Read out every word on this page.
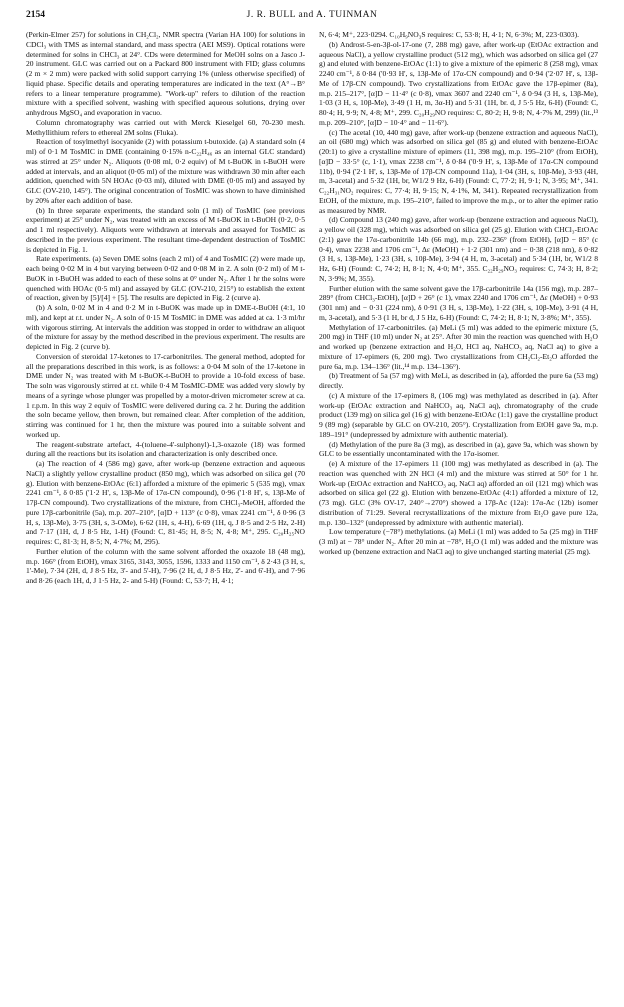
2154	J. R. BULL and A. TUINMAN

(Perkin-Elmer 257) for solutions in CH₂Cl₂, NMR spectra (Varian HA 100) for solutions in CDCl₃ with TMS as internal standard, and mass spectra (AEI MS9). Optical rotations were determined for solns in CHCl₃ at 24°. CDs were determined for MeOH solns on a Jasco J-20 instrument. GLC was carried out on a Packard 800 instrument with FID; glass columns (2 m × 2 mm) were packed with solid support carrying 1% (unless otherwise specified) of liquid phase. Specific details and operating temperatures are indicated in the text (A°→B° refers to a linear temperature programme). "Work-up" refers to dilution of the reaction mixture with a specified solvent, washing with specified aqueous solutions, drying over anhydrous MgSO₄ and evaporation in vacuo.

Column chromatography was carried out with Merck Kieselgel 60, 70-230 mesh. Methyllithium refers to ethereal 2M solns (Fluka).

Reaction of tosylmethyl isocyanide (2) with potassium t-butoxide. (a) A standard soln (4 ml) of 0·1 M TosMIC in DME (containing 0·15% n-C₂₂H₄₆ as an internal GLC standard) was stirred at 25° under N₂. Aliquots (0·08 ml, 0·2 equiv) of M t-BuOK in t-BuOH were added at intervals, and an aliquot (0·05 ml) of the mixture was withdrawn 30 min after each addition, quenched with 5N HOAc (0·03 ml), diluted with DME (0·05 ml) and assayed by GLC (OV-210, 145°). The original concentration of TosMIC was shown to have diminished by 20% after each addition of base.

(b) In three separate experiments, the standard soln (1 ml) of TosMIC (see previous experiment) at 25° under N₂, was treated with an excess of M t-BuOK in t-BuOH (0·2, 0·5 and 1 ml respectively). Aliquots were withdrawn at intervals and assayed for TosMIC as described in the previous experiment. The resultant time-dependent destruction of TosMIC is depicted in Fig. 1.

Rate experiments. (a) Seven DME solns (each 2 ml) of 4 and TosMIC (2) were made up, each being 0·02 M in 4 but varying between 0·02 and 0·08 M in 2. A soln (0·2 ml) of M t-BuOK in t-BuOH was added to each of these solns at 0° under N₂. After 1 hr the solns were quenched with HOAc (0·5 ml) and assayed by GLC (OV-210, 215°) to establish the extent of reaction, given by [5]/[4] + [5]. The results are depicted in Fig. 2 (curve a).

(b) A soln, 0·02 M in 4 and 0·2 M in t-BuOK was made up in DME-t-BuOH (4:1, 10 ml), and kept at r.t. under N₂. A soln of 0·15 M TosMIC in DME was added at ca. 1·3 ml/hr with vigorous stirring. At intervals the addition was stopped in order to withdraw an aliquot of the mixture for assay by the method described in the previous experiment. The results are depicted in Fig. 2 (curve b).

Conversion of steroidal 17-ketones to 17-carbonitriles. The general method, adopted for all the preparations described in this work, is as follows: a 0·04 M soln of the 17-ketone in DME under N₂ was treated with M t-BuOK-t-BuOH to provide a 10-fold excess of base. The soln was vigorously stirred at r.t. while 0·4 M TosMIC-DME was added very slowly by means of a syringe whose plunger was propelled by a motor-driven micrometer screw at ca. 1 r.p.m. In this way 2 equiv of TosMIC were delivered during ca. 2 hr. During the addition the soln became yellow, then brown, but remained clear. After completion of the addition, stirring was continued for 1 hr, then the mixture was poured into a suitable solvent and worked up.

The reagent-substrate artefact, 4-(toluene-4'-sulphonyl)-1,3-oxazole (18) was formed during all the reactions but its isolation and characterization is only described once.

(a) The reaction of 4 (586 mg) gave, after work-up (benzene extraction and aqueous NaCl) a slightly yellow crystalline product (850 mg), which was adsorbed on silica gel (70 g). Elution with benzene-EtOAc (6:1) afforded a mixture of the epimeric 5 (535 mg), νmax 2241 cm⁻¹, δ 0·85 ('1·2 H', s, 13β-Me of 17α-CN compound), 0·96 ('1·8 H', s, 13β-Me of 17β-CN compound). Two crystallizations of the mixture, from CHCl₃-MeOH, afforded the pure 17β-carbonitrile (5a), m.p. 207–210°, [α]D + 113° (c 0·8), νmax 2241 cm⁻¹, δ 0·96 (3 H, s, 13β-Me), 3·75 (3H, s, 3-OMe), 6·62 (1H, s, 4-H), 6·69 (1H, q, J 8·5 and 2·5 Hz, 2-H) and 7·17 (1H, d, J 8·5 Hz, 1-H) (Found: C, 81·45; H, 8·5; N, 4·8; M⁺, 295. C₂₀H₂₅NO requires: C, 81·3; H, 8·5; N, 4·7%; M, 295).

Further elution of the column with the same solvent afforded the oxazole 18 (48 mg), m.p. 166° (from EtOH), νmax 3165, 3143, 3055, 1596, 1333 and 1150 cm⁻¹, δ 2·43 (3 H, s, 1'-Me), 7·34 (2H, d, J 8·5 Hz, 3'- and 5'-H), 7·96 (2 H, d, J 8·5 Hz, 2'- and 6'-H), and 7·96 and 8·26 (each 1H, d, J 1·5 Hz, 2- and 5-H) (Found: C, 53·7; H, 4·1;

N, 6·4; M⁺, 223·0294. C₁₀H₉NO₃S requires: C, 53·8; H, 4·1; N, 6·3%; M, 223·0303).

(b) Androst-5-en-3β-ol-17-one (7, 288 mg) gave, after work-up (EtOAc extraction and aqueous NaCl), a yellow crystalline product (512 mg), which was adsorbed on silica gel (27 g) and eluted with benzene-EtOAc (1:1) to give a mixture of the epimeric 8 (258 mg), νmax 2240 cm⁻¹, δ 0·84 ('0·93 H', s, 13β-Me of 17α-CN compound) and 0·94 ('2·07 H', s, 13β-Me of 17β-CN compound). Two crystallizations from EtOAc gave the 17β-epimer (8a), m.p. 215–217°, [α]D − 11·4° (c 0·8), νmax 3607 and 2240 cm⁻¹, δ 0·94 (3 H, s, 13β-Me), 1·03 (3 H, s, 10β-Me), 3·49 (1 H, m, 3α-H) and 5·31 (1H, br. d, J 5·5 Hz, 6-H) (Found: C, 80·4; H, 9·9; N, 4·8; M⁺, 299. C₂₀H₂₉NO requires: C, 80·2; H, 9·8; N, 4·7% M, 299) (lit.,¹³ m.p. 209–210°, [α]D − 10·4° and − 11·6°).

(c) The acetal (10, 440 mg) gave, after work-up (benzene extraction and aqueous NaCl), an oil (680 mg) which was adsorbed on silica gel (85 g) and eluted with benzene-EtOAc (20:1) to give a crystalline mixture of epimers (11, 398 mg), m.p. 195–210° (from EtOH), [α]D − 33·5° (c, 1·1), νmax 2238 cm⁻¹, δ 0·84 ('0·9 H', s, 13β-Me of 17α-CN compound 11b), 0·94 ('2·1 H', s, 13β-Me of 17β-CN compound 11a), 1·04 (3H, s, 10β-Me), 3·93 (4H, m, 3-acetal) and 5·32 (1H, br, W1/2 9 Hz, 6-H) (Found: C, 77·2; H, 9·1; N, 3·95; M⁺, 341. C₂₂H₃₁NO₂ requires: C, 77·4; H, 9·15; N, 4·1%, M, 341). Repeated recrystallization from EtOH, of the mixture, m.p. 195–210°, failed to improve the m.p., or to alter the epimer ratio as measured by NMR.

(d) Compound 13 (240 mg) gave, after work-up (benzene extraction and aqueous NaCl), a yellow oil (328 mg), which was adsorbed on silica gel (25 g). Elution with CHCl₃-EtOAc (2:1) gave the 17α-carbonitrile 14b (66 mg), m.p. 232–236° (from EtOH), [α]D − 85° (c 0·4), νmax 2238 and 1706 cm⁻¹, Δε (MeOH) + 1·2 (301 nm) and − 0·38 (218 nm), δ 0·82 (3 H, s, 13β-Me), 1·23 (3H, s, 10β-Me), 3·94 (4 H, m, 3-acetal) and 5·34 (1H, br, W1/2 8 Hz, 6-H) (Found: C, 74·2; H, 8·1; N, 4·0; M⁺, 355. C₂₂H₂₉NO₃ requires: C, 74·3; H, 8·2; N, 3·9%; M, 355).

Further elution with the same solvent gave the 17β-carbonitrile 14a (156 mg), m.p. 287–289° (from CHCl₃-EtOH), [α]D + 26° (c 1), νmax 2240 and 1706 cm⁻¹, Δε (MeOH) + 0·93 (301 nm) and − 0·31 (224 nm), δ 0·91 (3 H, s, 13β-Me), 1·22 (3H, s, 10β-Me), 3·91 (4 H, m, 3-acetal), and 5·3 (1 H, br d, J 5 Hz, 6-H) (Found: C, 74·2; H, 8·1; N, 3·8%; M⁺, 355).

Methylation of 17-carbonitriles. (a) MeLi (5 ml) was added to the epimeric mixture (5, 200 mg) in THF (10 ml) under N₂ at 25°. After 30 min the reaction was quenched with H₂O and worked up (benzene extraction and H₂O, HCl aq, NaHCO₃ aq, NaCl aq) to give a mixture of 17-epimers (6, 200 mg). Two crystallizations from CH₂Cl₂-Et₂O afforded the pure 6a, m.p. 134–136° (lit.,¹⁴ m.p. 134–136°).

(b) Treatment of 5a (57 mg) with MeLi, as described in (a), afforded the pure 6a (53 mg) directly.

(c) A mixture of the 17-epimers 8, (106 mg) was methylated as described in (a). After work-up (EtOAc extraction and NaHCO₃ aq, NaCl aq), chromatography of the crude product (139 mg) on silica gel (16 g) with benzene-EtOAc (1:1) gave the crystalline product 9 (89 mg) (separable by GLC on OV-210, 205°). Crystallization from EtOH gave 9a, m.p. 189–191° (undepressed by admixture with authentic material).

(d) Methylation of the pure 8a (3 mg), as described in (a), gave 9a, which was shown by GLC to be essentially uncontaminated with the 17α-isomer.

(e) A mixture of the 17-epimers 11 (100 mg) was methylated as described in (a). The reaction was quenched with 2N HCl (4 ml) and the mixture was stirred at 50° for 1 hr. Work-up (EtOAc extraction and NaHCO₃ aq, NaCl aq) afforded an oil (121 mg) which was adsorbed on silica gel (22 g). Elution with benzene-EtOAc (4:1) afforded a mixture of 12, (73 mg). GLC (3% OV-17, 240°→270°) showed a 17β-Ac (12a): 17α-Ac (12b) isomer distribution of 71:29. Several recrystallizations of the mixture from Et₂O gave pure 12a, m.p. 130–132° (undepressed by admixture with authentic material).

Low temperature (−78°) methylations. (a) MeLi (1 ml) was added to 5a (25 mg) in THF (3 ml) at − 78° under N₂. After 20 min at −78°, H₂O (1 ml) was added and the mixture was worked up (benzene extraction and NaCl aq) to give unchanged starting material (25 mg).
